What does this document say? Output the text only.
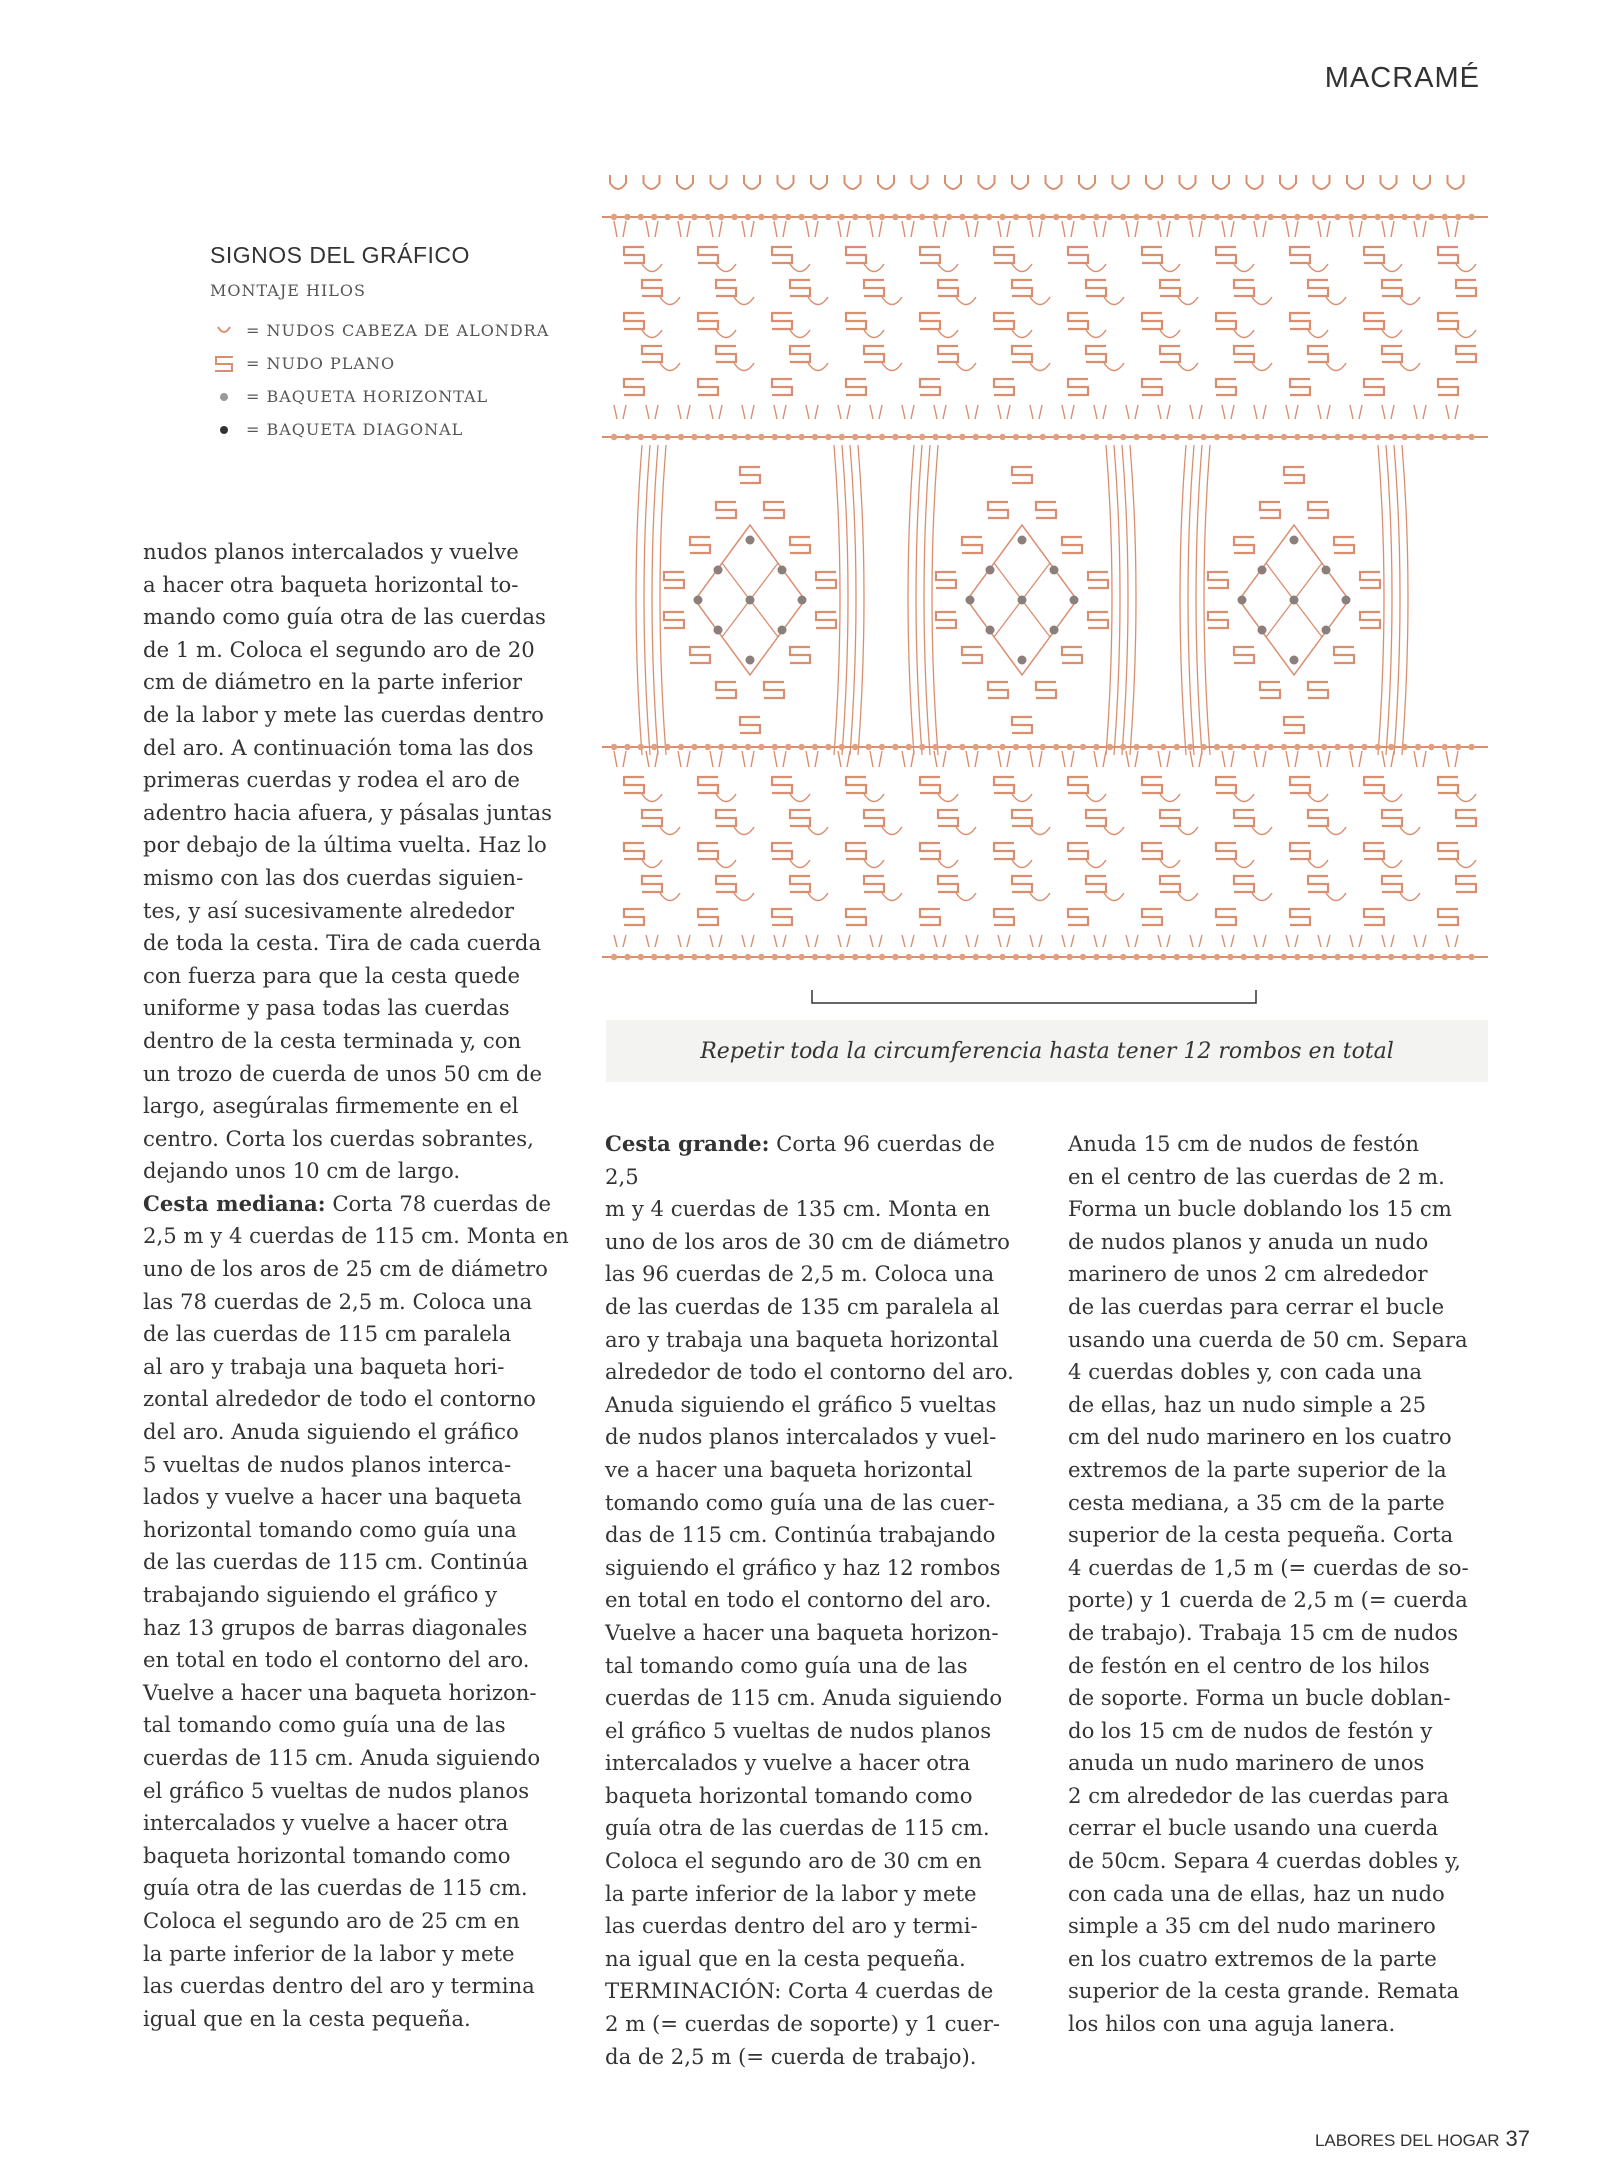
MACRAMÉ
SIGNOS DEL GRÁFICO
MONTAJE HILOS
= NUDOS CABEZA DE ALONDRA
= NUDO PLANO
= BAQUETA HORIZONTAL
= BAQUETA DIAGONAL
Repetir toda la circumferencia hasta tener 12 rombos en total

nudos planos intercalados y vuelve
a hacer otra baqueta horizontal to-
mando como guía otra de las cuerdas
de 1 m. Coloca el segundo aro de 20
cm de diámetro en la parte inferior
de la labor y mete las cuerdas dentro
del aro. A continuación toma las dos
primeras cuerdas y rodea el aro de
adentro hacia afuera, y pásalas juntas
por debajo de la última vuelta. Haz lo
mismo con las dos cuerdas siguien-
tes, y así sucesivamente alrededor
de toda la cesta. Tira de cada cuerda
con fuerza para que la cesta quede
uniforme y pasa todas las cuerdas
dentro de la cesta terminada y, con
un trozo de cuerda de unos 50 cm de
largo, asegúralas firmemente en el
centro. Corta los cuerdas sobrantes,
dejando unos 10 cm de largo.
Cesta mediana: Corta 78 cuerdas de
2,5 m y 4 cuerdas de 115 cm. Monta en
uno de los aros de 25 cm de diámetro
las 78 cuerdas de 2,5 m. Coloca una
de las cuerdas de 115 cm paralela
al aro y trabaja una baqueta hori-
zontal alrededor de todo el contorno
del aro. Anuda siguiendo el gráfico
5 vueltas de nudos planos interca-
lados y vuelve a hacer una baqueta
horizontal tomando como guía una
de las cuerdas de 115 cm. Continúa
trabajando siguiendo el gráfico y
haz 13 grupos de barras diagonales
en total en todo el contorno del aro.
Vuelve a hacer una baqueta horizon-
tal tomando como guía una de las
cuerdas de 115 cm. Anuda siguiendo
el gráfico 5 vueltas de nudos planos
intercalados y vuelve a hacer otra
baqueta horizontal tomando como
guía otra de las cuerdas de 115 cm.
Coloca el segundo aro de 25 cm en
la parte inferior de la labor y mete
las cuerdas dentro del aro y termina
igual que en la cesta pequeña.

Cesta grande: Corta 96 cuerdas de 2,5
m y 4 cuerdas de 135 cm. Monta en
uno de los aros de 30 cm de diámetro
las 96 cuerdas de 2,5 m. Coloca una
de las cuerdas de 135 cm paralela al
aro y trabaja una baqueta horizontal
alrededor de todo el contorno del aro.
Anuda siguiendo el gráfico 5 vueltas
de nudos planos intercalados y vuel-
ve a hacer una baqueta horizontal
tomando como guía una de las cuer-
das de 115 cm. Continúa trabajando
siguiendo el gráfico y haz 12 rombos
en total en todo el contorno del aro.
Vuelve a hacer una baqueta horizon-
tal tomando como guía una de las
cuerdas de 115 cm. Anuda siguiendo
el gráfico 5 vueltas de nudos planos
intercalados y vuelve a hacer otra
baqueta horizontal tomando como
guía otra de las cuerdas de 115 cm.
Coloca el segundo aro de 30 cm en
la parte inferior de la labor y mete
las cuerdas dentro del aro y termi-
na igual que en la cesta pequeña.
TERMINACIÓN: Corta 4 cuerdas de
2 m (= cuerdas de soporte) y 1 cuer-
da de 2,5 m (= cuerda de trabajo).

Anuda 15 cm de nudos de festón
en el centro de las cuerdas de 2 m.
Forma un bucle doblando los 15 cm
de nudos planos y anuda un nudo
marinero de unos 2 cm alrededor
de las cuerdas para cerrar el bucle
usando una cuerda de 50 cm. Separa
4 cuerdas dobles y, con cada una
de ellas, haz un nudo simple a 25
cm del nudo marinero en los cuatro
extremos de la parte superior de la
cesta mediana, a 35 cm de la parte
superior de la cesta pequeña. Corta
4 cuerdas de 1,5 m (= cuerdas de so-
porte) y 1 cuerda de 2,5 m (= cuerda
de trabajo). Trabaja 15 cm de nudos
de festón en el centro de los hilos
de soporte. Forma un bucle doblan-
do los 15 cm de nudos de festón y
anuda un nudo marinero de unos
2 cm alrededor de las cuerdas para
cerrar el bucle usando una cuerda
de 50cm. Separa 4 cuerdas dobles y,
con cada una de ellas, haz un nudo
simple a 35 cm del nudo marinero
en los cuatro extremos de la parte
superior de la cesta grande. Remata
los hilos con una aguja lanera.

LABORES DEL HOGAR 37
